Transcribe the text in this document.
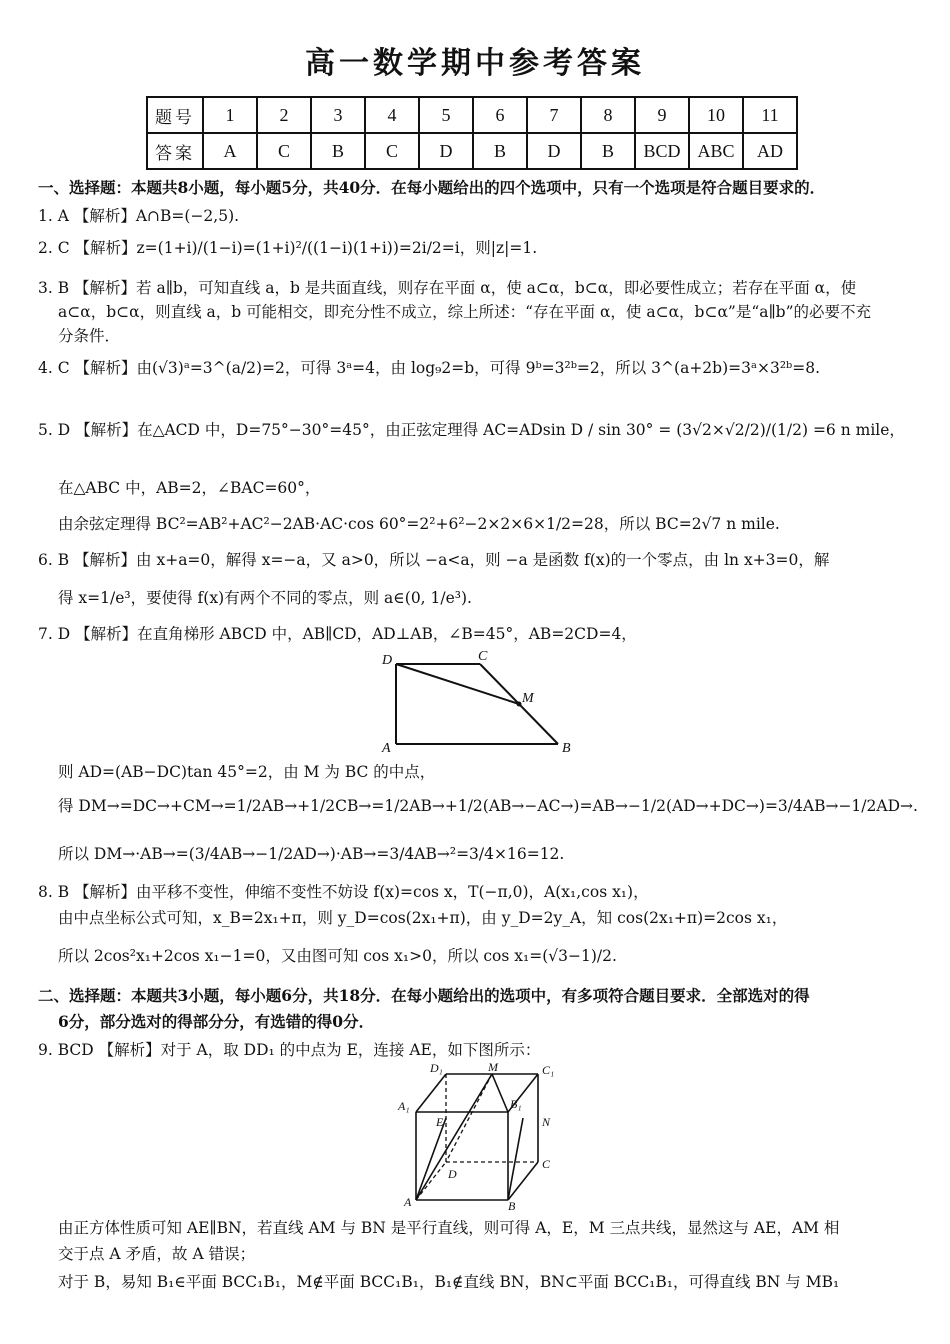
高一数学期中参考答案
题号	1	2	3	4	5	6	7	8	9	10	11
答案	A	C	B	C	D	B	D	B	BCD	ABC	AD
一、选择题：本题共8小题，每小题5分，共40分．在每小题给出的四个选项中，只有一个选项是符合题目要求的．
1. A 【解析】A∩B=(−2,5).
2. C 【解析】z=(1+i)/(1−i)=(1+i)²/((1−i)(1+i))=2i/2=i，则|z|=1.
3. B 【解析】若 a∥b，可知直线 a，b 是共面直线，则存在平面 α，使 a⊂α，b⊂α，即必要性成立；若存在平面 α，使
a⊂α，b⊂α，则直线 a，b 可能相交，即充分性不成立，综上所述：“存在平面 α，使 a⊂α，b⊂α”是“a∥b”的必要不充
分条件．
4. C 【解析】由(√3)ᵃ=3^(a/2)=2，可得 3ᵃ=4，由 log₉2=b，可得 9ᵇ=3²ᵇ=2，所以 3^(a+2b)=3ᵃ×3²ᵇ=8.
5. D 【解析】在△ACD 中，D=75°−30°=45°，由正弦定理得 AC=ADsin D / sin 30° = (3√2×√2/2)/(1/2) =6 n mile，
在△ABC 中，AB=2，∠BAC=60°，
由余弦定理得 BC²=AB²+AC²−2AB·AC·cos 60°=2²+6²−2×2×6×1/2=28，所以 BC=2√7 n mile.
6. B 【解析】由 x+a=0，解得 x=−a，又 a>0，所以 −a<a，则 −a 是函数 f(x)的一个零点，由 ln x+3=0，解
得 x=1/e³，要使得 f(x)有两个不同的零点，则 a∈(0, 1/e³).
7. D 【解析】在直角梯形 ABCD 中，AB∥CD，AD⊥AB，∠B=45°，AB=2CD=4，
D	C
M
A	B
则 AD=(AB−DC)tan 45°=2，由 M 为 BC 的中点，
得 DM→=DC→+CM→=1/2AB→+1/2CB→=1/2AB→+1/2(AB→−AC→)=AB→−1/2(AD→+DC→)=3/4AB→−1/2AD→.
所以 DM→·AB→=(3/4AB→−1/2AD→)·AB→=3/4AB→²=3/4×16=12.
8. B 【解析】由平移不变性，伸缩不变性不妨设 f(x)=cos x，T(−π,0)，A(x₁,cos x₁)，
由中点坐标公式可知，x_B=2x₁+π，则 y_D=cos(2x₁+π)，由 y_D=2y_A，知 cos(2x₁+π)=2cos x₁，
所以 2cos²x₁+2cos x₁−1=0，又由图可知 cos x₁>0，所以 cos x₁=(√3−1)/2.
二、选择题：本题共3小题，每小题6分，共18分．在每小题给出的选项中，有多项符合题目要求．全部选对的得
6分，部分选对的得部分分，有选错的得0分．
9. BCD 【解析】对于 A，取 DD₁ 的中点为 E，连接 AE，如下图所示：
D₁	M	C₁
A₁
E
B₁
N
D
C
A	B
由正方体性质可知 AE∥BN，若直线 AM 与 BN 是平行直线，则可得 A，E，M 三点共线，显然这与 AE，AM 相
交于点 A 矛盾，故 A 错误；
对于 B，易知 B₁∈平面 BCC₁B₁，M∉平面 BCC₁B₁，B₁∉直线 BN，BN⊂平面 BCC₁B₁，可得直线 BN 与 MB₁
